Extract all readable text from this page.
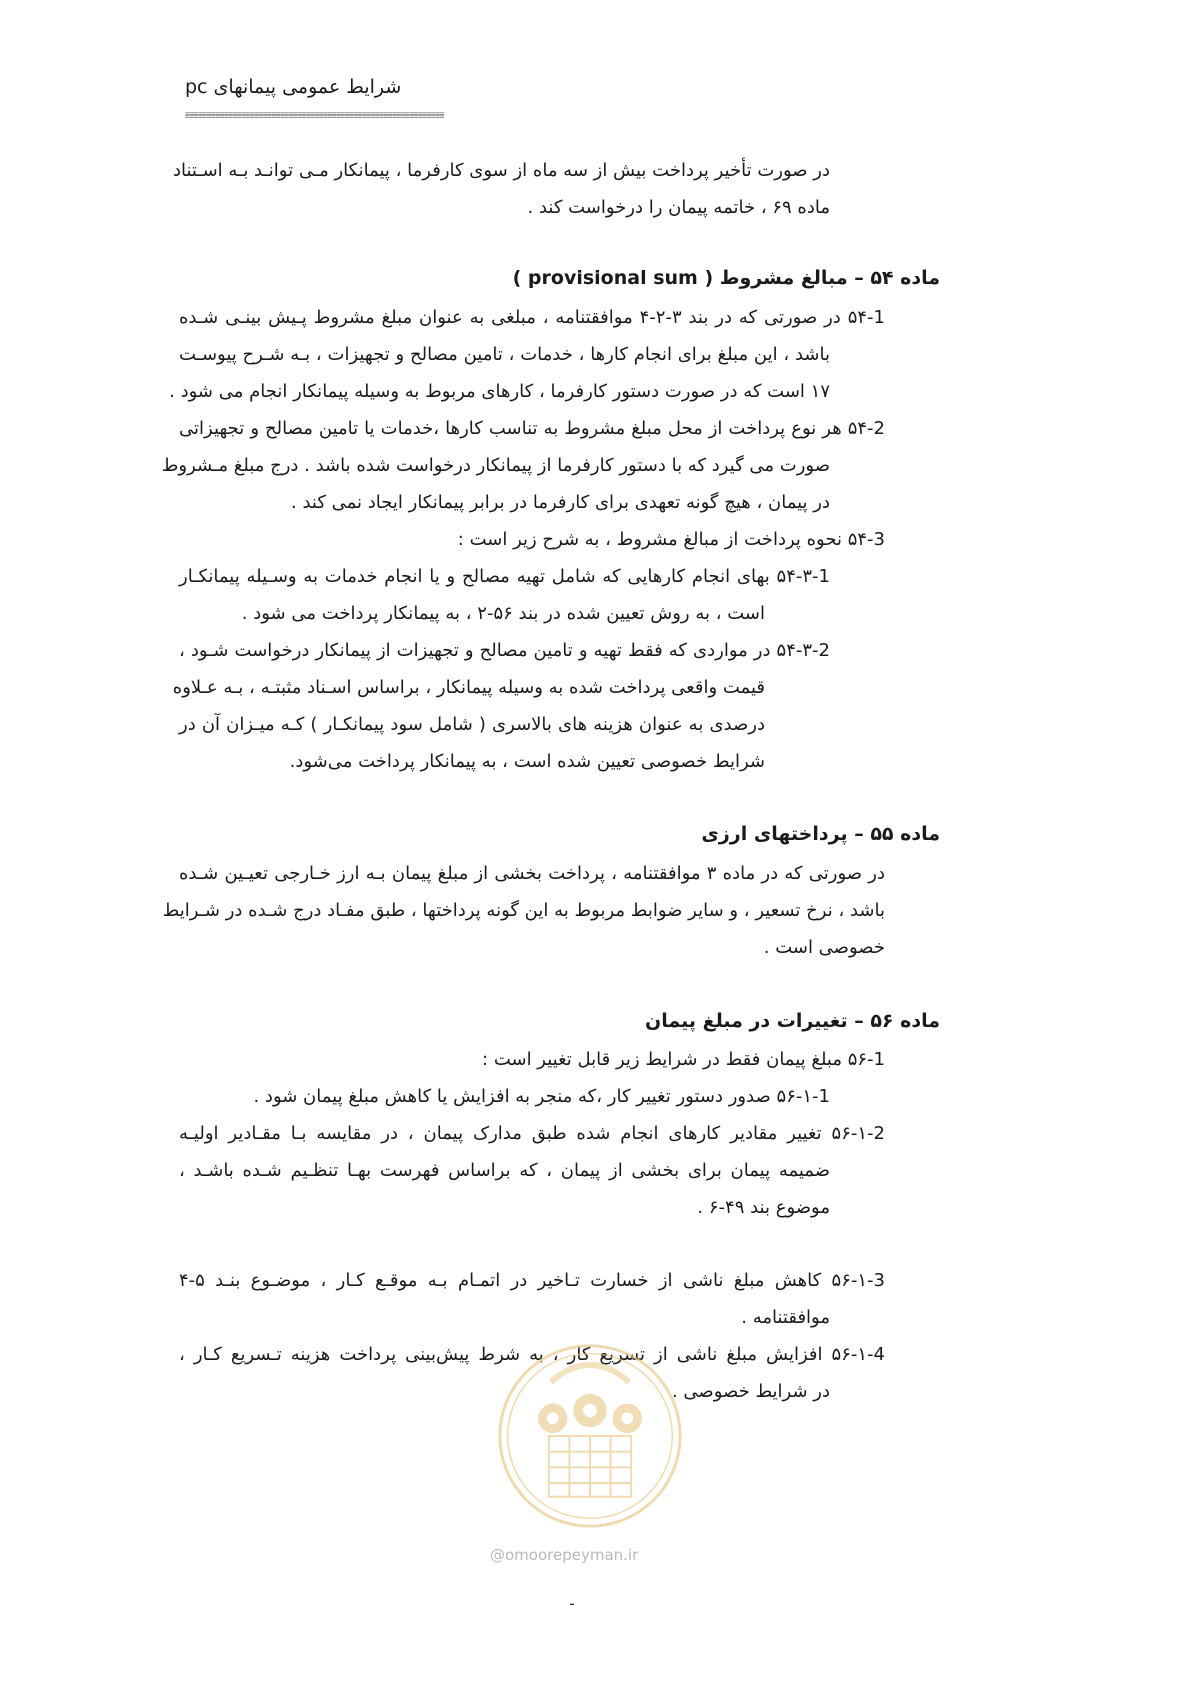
شرایط عمومی پیمانهای pc
در صورت تأخیر پرداخت بیش از سه ماه از سوی کارفرما ، پیمانکار مـی توانـد بـه اسـتناد
ماده ۶۹ ، خاتمه پیمان را درخواست کند .
ماده ۵۴ – مبالغ مشروط ( provisional sum )
۵۴-1 در صورتی که در بند ۳-۲-۴ موافقتنامه ، مبلغی به عنوان مبلغ مشروط پـیش بینـی شـده
باشد ، این مبلغ برای انجام کارها ، خدمات ، تامین مصالح و تجهیزات ، بـه شـرح پیوسـت
۱۷ است که در صورت دستور کارفرما ، کارهای مربوط به وسیله پیمانکار انجام می شود .
۵۴-2 هر نوع پرداخت از محل مبلغ مشروط به تناسب کارها ،خدمات یا تامین مصالح و تجهیزاتی
صورت می گیرد که با دستور کارفرما از پیمانکار درخواست شده باشد . درج مبلغ مـشروط
در پیمان ، هیچ گونه تعهدی برای کارفرما در برابر پیمانکار ایجاد نمی کند .
۵۴-3 نحوه پرداخت از مبالغ مشروط ، به شرح زیر است :
۵۴-۳-1 بهای انجام کارهایی که شامل تهیه مصالح و یا انجام خدمات به وسـیله پیمانکـار
است ، به روش تعیین شده در بند ۵۶-۲ ، به پیمانکار پرداخت می شود .
۵۴-۳-2 در مواردی که فقط تهیه و تامین مصالح و تجهیزات از پیمانکار درخواست شـود ،
قیمت واقعی پرداخت شده به وسیله پیمانکار ، براساس اسـناد مثبتـه ، بـه عـلاوه
درصدی به عنوان هزینه های بالاسری ( شامل سود پیمانکـار ) کـه میـزان آن در
شرایط خصوصی تعیین شده است ، به پیمانکار پرداخت می‌شود.
ماده ۵۵ – پرداختهای ارزی
در صورتی که در ماده ۳ موافقتنامه ، پرداخت بخشی از مبلغ پیمان بـه ارز خـارجی تعیـین شـده
باشد ، نرخ تسعیر ، و سایر ضوابط مربوط به این گونه پرداختها ، طبق مفـاد درج شـده در شـرایط
خصوصی است .
ماده ۵۶ – تغییرات در مبلغ پیمان
۵۶-1 مبلغ پیمان فقط در شرایط زیر قابل تغییر است :
۵۶-۱-1 صدور دستور تغییر کار ،که منجر به افزایش یا کاهش مبلغ پیمان شود .
۵۶-۱-2 تغییر مقادیر کارهای انجام شده طبق مدارک پیمان ، در مقایسه بـا مقـادیر اولیـه
ضمیمه پیمان برای بخشی از پیمان ، که براساس فهرست بهـا تنظـیم شـده باشـد ،
موضوع بند ۴۹-۶ .
۵۶-۱-3 کاهش مبلغ ناشی از خسارت تـاخیر در اتمـام بـه موقـع کـار ، موضـوع بنـد ۵-۴
موافقتنامه .
۵۶-۱-4 افزایش مبلغ ناشی از تسریع کار ، به شرط پیش‌بینی پرداخت هزینه تـسریع کـار ،
در شرایط خصوصی .
@omoorepeyman.ir
-
